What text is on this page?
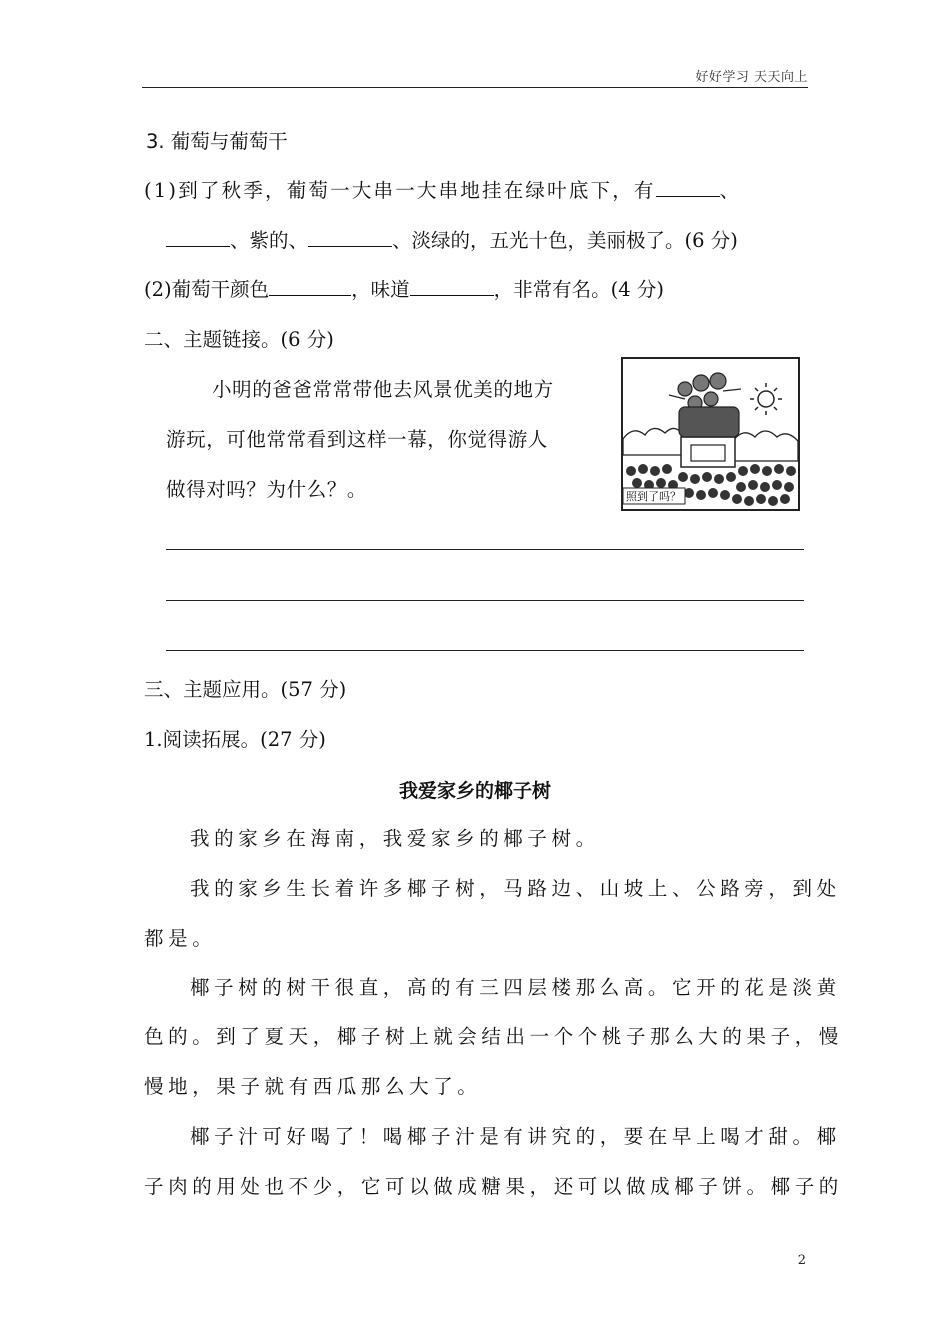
好好学习 天天向上
3. 葡萄与葡萄干
(1)到了秋季，葡萄一大串一大串地挂在绿叶底下，有	、
、紫的、	、淡绿的，五光十色，美丽极了。(6 分)
(2)葡萄干颜色	，味道	，非常有名。(4 分)
二、主题链接。(6 分)
小明的爸爸常常带他去风景优美的地方
游玩，可他常常看到这样一幕，你觉得游人
做得对吗？为什么？。	照到了吗？
三、主题应用。(57 分)
1.阅读拓展。(27 分)
我爱家乡的椰子树
我的家乡在海南，我爱家乡的椰子树。
我的家乡生长着许多椰子树，马路边、山坡上、公路旁，到处
都是。
椰子树的树干很直，高的有三四层楼那么高。它开的花是淡黄
色的。到了夏天，椰子树上就会结出一个个桃子那么大的果子，慢
慢地，果子就有西瓜那么大了。
椰子汁可好喝了！喝椰子汁是有讲究的，要在早上喝才甜。椰
子肉的用处也不少，它可以做成糖果，还可以做成椰子饼。椰子的
2
